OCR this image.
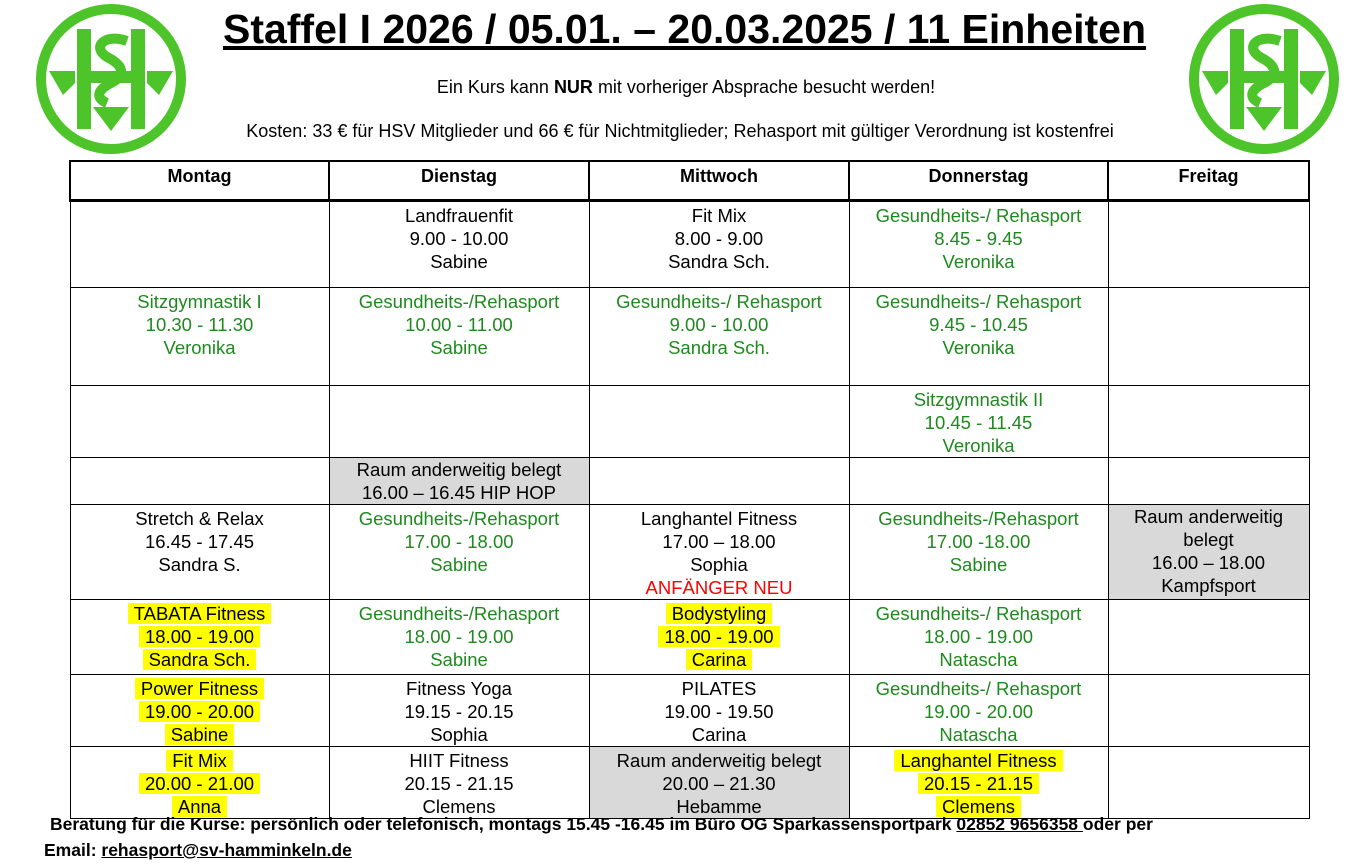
Staffel I 2026 / 05.01. – 20.03.2025 / 11 Einheiten
Ein Kurs kann NUR mit vorheriger Absprache besucht werden!
Kosten: 33 € für HSV Mitglieder und 66 € für Nichtmitglieder; Rehasport mit gültiger Verordnung ist kostenfrei
Montag	Dienstag	Mittwoch	Donnerstag	Freitag

	Landfrauenfit
9.00 - 10.00
Sabine	Fit Mix
8.00 - 9.00
Sandra Sch.	Gesundheits-/ Rehasport
8.45 - 9.45
Veronika	

Sitzgymnastik I
10.30 - 11.30
Veronika	Gesundheits-/Rehasport
10.00 - 11.00
Sabine	Gesundheits-/ Rehasport
9.00 - 10.00
Sandra Sch.	Gesundheits-/ Rehasport
9.45 - 10.45
Veronika	

			Sitzgymnastik II
10.45 - 11.45
Veronika	

	Raum anderweitig belegt
16.00 – 16.45 HIP HOP			

Stretch & Relax
16.45 - 17.45
Sandra S.	Gesundheits-/Rehasport
17.00 - 18.00
Sabine	Langhantel Fitness
17.00 – 18.00
Sophia
ANFÄNGER NEU	Gesundheits-/Rehasport
17.00 -18.00
Sabine	Raum anderweitig
belegt
16.00 – 18.00
Kampfsport

TABATA Fitness
18.00 - 19.00
Sandra Sch.	Gesundheits-/Rehasport
18.00 - 19.00
Sabine	Bodystyling
18.00 - 19.00
Carina	Gesundheits-/ Rehasport
18.00 - 19.00
Natascha	

Power Fitness
19.00 - 20.00
Sabine	Fitness Yoga
19.15 - 20.15
Sophia	PILATES
19.00 - 19.50
Carina	Gesundheits-/ Rehasport
19.00 - 20.00
Natascha	

Fit Mix
20.00 - 21.00
Anna	HIIT Fitness
20.15 - 21.15
Clemens	Raum anderweitig belegt
20.00 – 21.30
Hebamme	Langhantel Fitness
20.15 - 21.15
Clemens	

Beratung für die Kurse: persönlich oder telefonisch, montags 15.45 -16.45 im Büro OG Sparkassensportpark 02852 9656358 oder per
Email: rehasport@sv-hamminkeln.de
